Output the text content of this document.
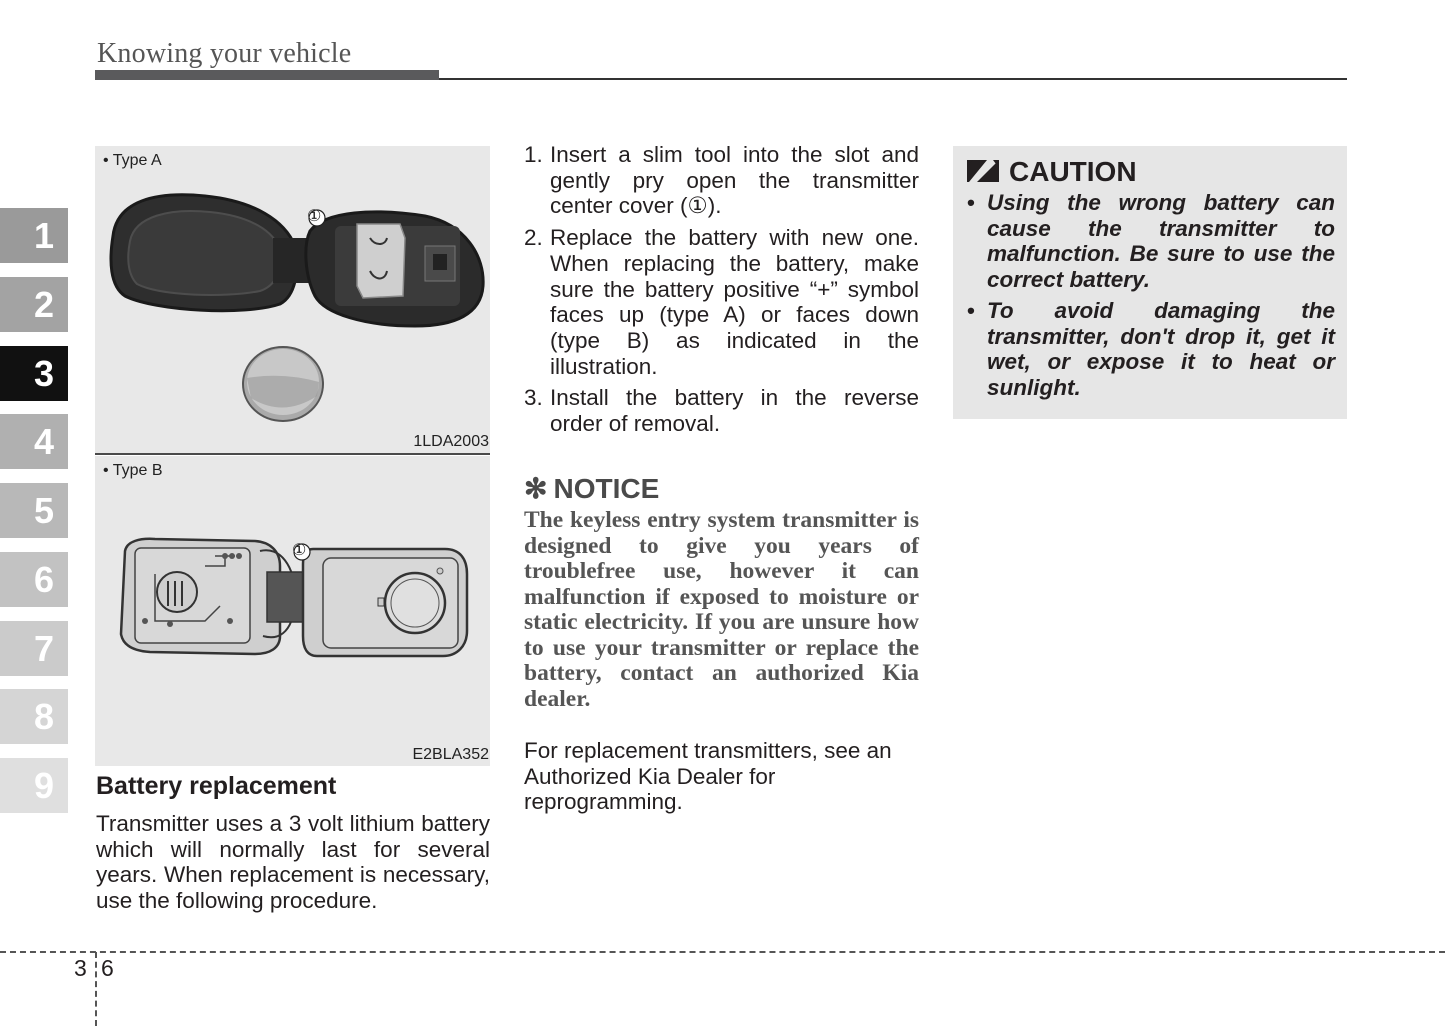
Knowing your vehicle
1
2
3
4
5
6
7
8
9
• Type A
①
1LDA2003
• Type B
①
E2BLA352
Battery replacement
Transmitter uses a 3 volt lithium battery which will normally last for several years. When replacement is necessary, use the following procedure.
1. Insert a slim tool into the slot and gently pry open the transmitter center cover (①).
2. Replace the battery with new one. When replacing the battery, make sure the battery positive “+” symbol faces up (type A) or faces down (type B) as indicated in the illustration.
3. Install the battery in the reverse order of removal.
✻ NOTICE
The keyless entry system transmitter is designed to give you years of troublefree use, however it can malfunction if exposed to moisture or static electricity. If you are unsure how to use your transmitter or replace the battery, contact an authorized Kia dealer.
For replacement transmitters, see an Authorized Kia Dealer for reprogramming.
CAUTION
• Using the wrong battery can cause the transmitter to malfunction. Be sure to use the correct battery.
• To avoid damaging the transmitter, don't drop it, get it wet, or expose it to heat or sunlight.
3 6
